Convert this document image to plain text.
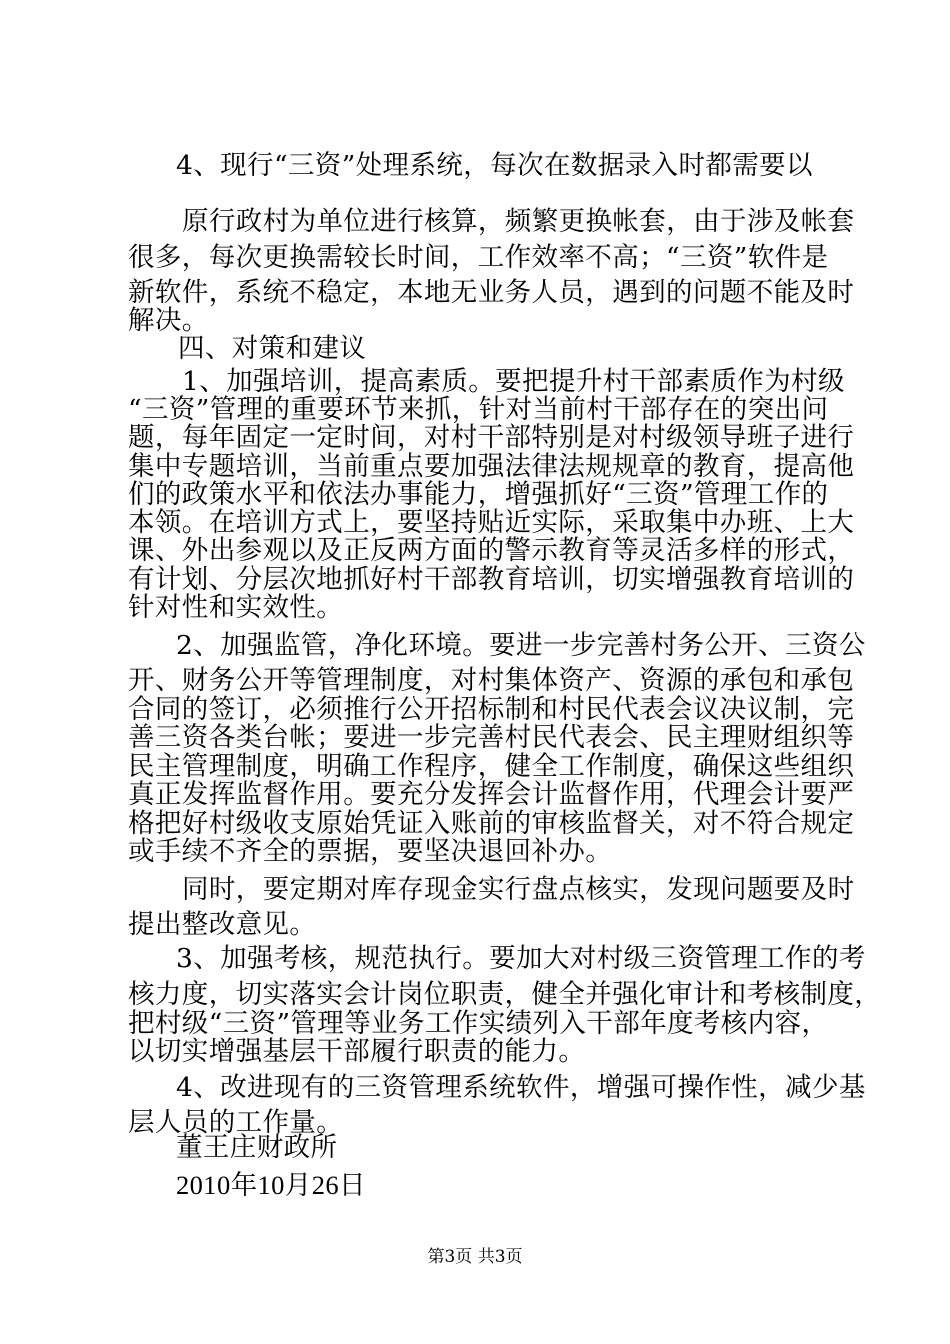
4、现行“三资”处理系统，每次在数据录入时都需要以
原行政村为单位进行核算，频繁更换帐套，由于涉及帐套
很多，每次更换需较长时间，工作效率不高；“三资”软件是
新软件，系统不稳定，本地无业务人员，遇到的问题不能及时
解决。
四、对策和建议
1、加强培训，提高素质。要把提升村干部素质作为村级
“三资”管理的重要环节来抓，针对当前村干部存在的突出问
题，每年固定一定时间，对村干部特别是对村级领导班子进行
集中专题培训，当前重点要加强法律法规规章的教育，提高他
们的政策水平和依法办事能力，增强抓好“三资”管理工作的
本领。在培训方式上，要坚持贴近实际，采取集中办班、上大
课、外出参观以及正反两方面的警示教育等灵活多样的形式，
有计划、分层次地抓好村干部教育培训，切实增强教育培训的
针对性和实效性。
2、加强监管，净化环境。要进一步完善村务公开、三资公
开、财务公开等管理制度，对村集体资产、资源的承包和承包
合同的签订，必须推行公开招标制和村民代表会议决议制，完
善三资各类台帐；要进一步完善村民代表会、民主理财组织等
民主管理制度，明确工作程序，健全工作制度，确保这些组织
真正发挥监督作用。要充分发挥会计监督作用，代理会计要严
格把好村级收支原始凭证入账前的审核监督关，对不符合规定
或手续不齐全的票据，要坚决退回补办。
同时，要定期对库存现金实行盘点核实，发现问题要及时
提出整改意见。
3、加强考核，规范执行。要加大对村级三资管理工作的考
核力度，切实落实会计岗位职责，健全并强化审计和考核制度，
把村级“三资”管理等业务工作实绩列入干部年度考核内容，
以切实增强基层干部履行职责的能力。
4、改进现有的三资管理系统软件，增强可操作性，减少基
层人员的工作量。
董王庄财政所
2010年10月26日
第3页 共3页
